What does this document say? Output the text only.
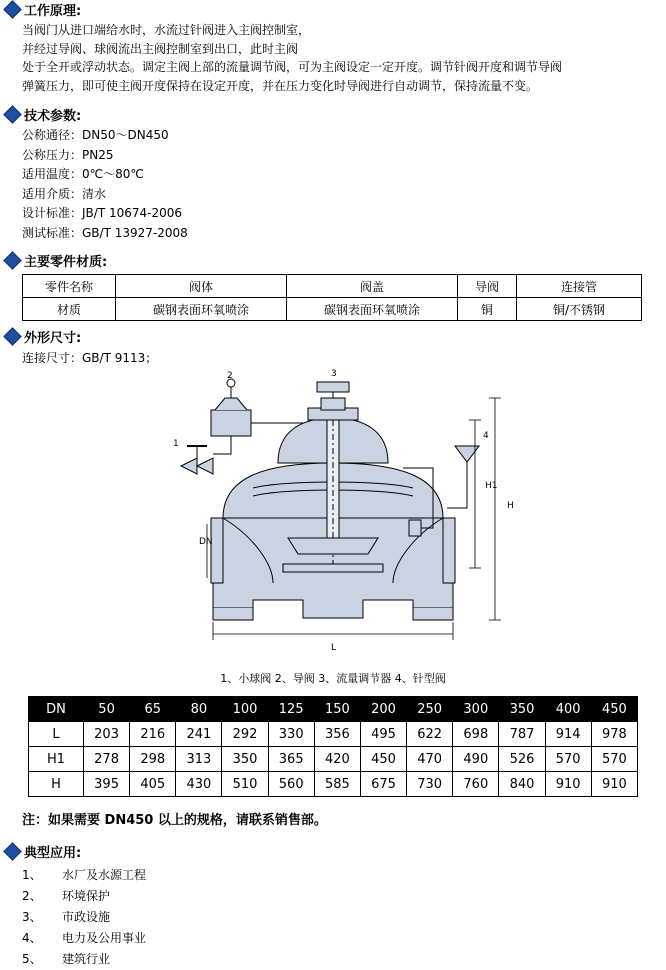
工作原理:
当阀门从进口端给水时，水流过针阀进入主阀控制室，
并经过导阀、球阀流出主阀控制室到出口，此时主阀
处于全开或浮动状态。调定主阀上部的流量调节阀，可为主阀设定一定开度。调节针阀开度和调节导阀
弹簧压力，即可使主阀开度保持在设定开度，并在压力变化时导阀进行自动调节，保持流量不变。
技术参数:
公称通径：DN50～DN450
公称压力：PN25
适用温度：0℃～80℃
适用介质：清水
设计标准：JB/T 10674-2006
测试标准：GB/T 13927-2008
主要零件材质:
零件名称	阀体	阀盖	导阀	连接管
材质	碳钢表面环氧喷涂	碳钢表面环氧喷涂	铜	铜/不锈钢
外形尺寸:
连接尺寸：GB/T 9113；
1
2	3
4
DN
H
H1
L
1、小球阀 2、导阀 3、流量调节器 4、针型阀
DN	50	65	80	100	125	150	200	250	300	350	400	450
L	203	216	241	292	330	356	495	622	698	787	914	978
H1	278	298	313	350	365	420	450	470	490	526	570	570
H	395	405	430	510	560	585	675	730	760	840	910	910
注：如果需要 DN450 以上的规格，请联系销售部。
典型应用:
1、 水厂及水源工程
2、 环境保护
3、 市政设施
4、 电力及公用事业
5、 建筑行业
